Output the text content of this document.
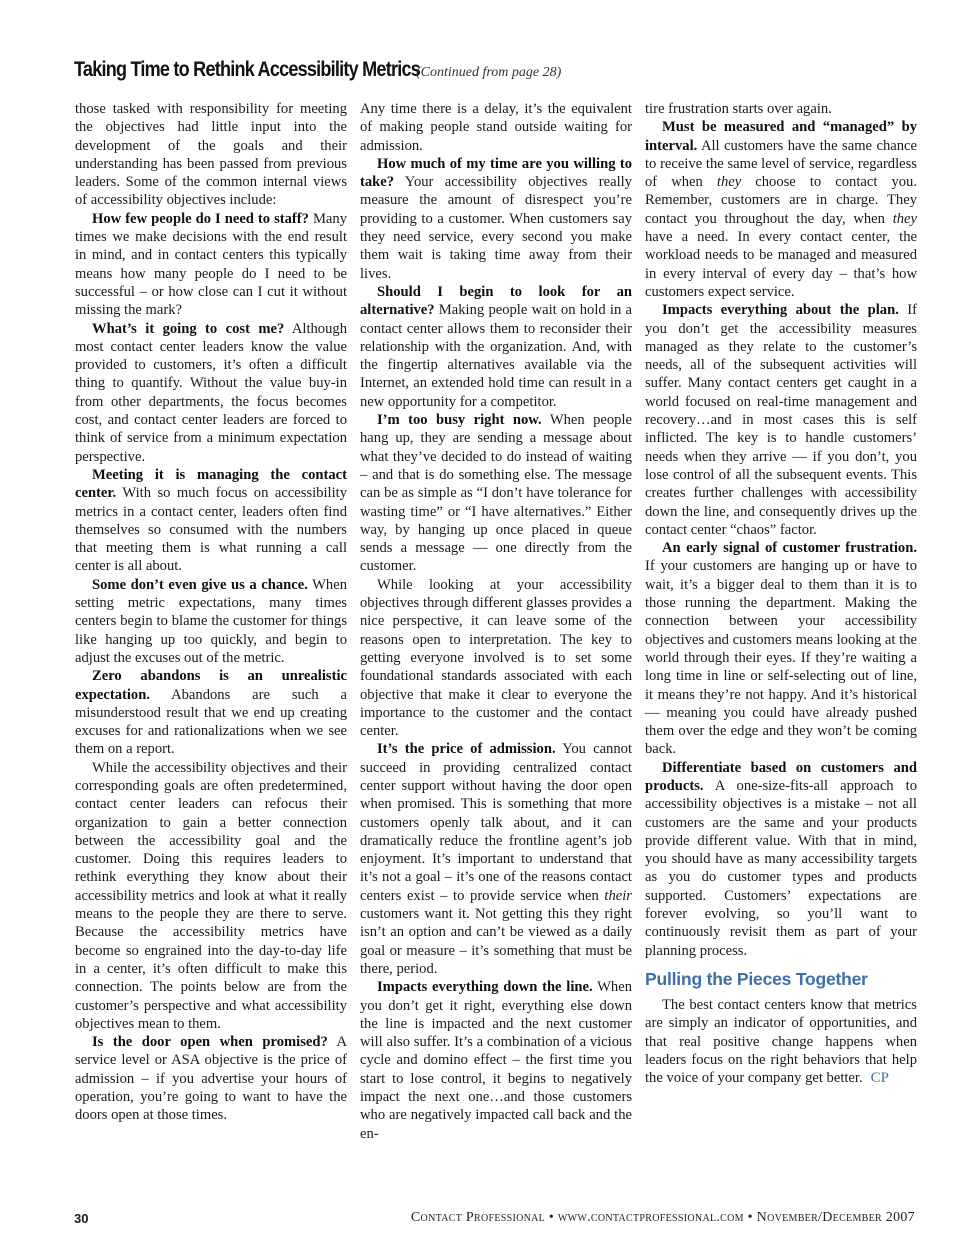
Taking Time to Rethink Accessibility Metrics
(Continued from page 28)

those tasked with responsibility for meeting the objectives had little input into the development of the goals and their understanding has been passed from previous leaders. Some of the common internal views of accessibility objectives include:

How few people do I need to staff? Many times we make decisions with the end result in mind, and in contact centers this typically means how many people do I need to be successful – or how close can I cut it without missing the mark?

What’s it going to cost me? Although most contact center leaders know the value provided to customers, it’s often a difficult thing to quantify. Without the value buy-in from other departments, the focus becomes cost, and contact center leaders are forced to think of service from a minimum expectation perspective.

Meeting it is managing the contact center. With so much focus on accessibility metrics in a contact center, leaders often find themselves so consumed with the numbers that meeting them is what running a call center is all about.

Some don’t even give us a chance. When setting metric expectations, many times centers begin to blame the customer for things like hanging up too quickly, and begin to adjust the excuses out of the metric.

Zero abandons is an unrealistic expectation. Abandons are such a misunderstood result that we end up creating excuses for and rationalizations when we see them on a report.

While the accessibility objectives and their corresponding goals are often predetermined, contact center leaders can refocus their organization to gain a better connection between the accessibility goal and the customer. Doing this requires leaders to rethink everything they know about their accessibility metrics and look at what it really means to the people they are there to serve. Because the accessibility metrics have become so engrained into the day-to-day life in a center, it’s often difficult to make this connection. The points below are from the customer’s perspective and what accessibility objectives mean to them.

Is the door open when promised? A service level or ASA objective is the price of admission – if you advertise your hours of operation, you’re going to want to have the doors open at those times.

Any time there is a delay, it’s the equivalent of making people stand outside waiting for admission.

How much of my time are you willing to take? Your accessibility objectives really measure the amount of disrespect you’re providing to a customer. When customers say they need service, every second you make them wait is taking time away from their lives.

Should I begin to look for an alternative? Making people wait on hold in a contact center allows them to reconsider their relationship with the organization. And, with the fingertip alternatives available via the Internet, an extended hold time can result in a new opportunity for a competitor.

I’m too busy right now. When people hang up, they are sending a message about what they’ve decided to do instead of waiting – and that is do something else. The message can be as simple as “I don’t have tolerance for wasting time” or “I have alternatives.” Either way, by hanging up once placed in queue sends a message — one directly from the customer.

While looking at your accessibility objectives through different glasses provides a nice perspective, it can leave some of the reasons open to interpretation. The key to getting everyone involved is to set some foundational standards associated with each objective that make it clear to everyone the importance to the customer and the contact center.

It’s the price of admission. You cannot succeed in providing centralized contact center support without having the door open when promised. This is something that more customers openly talk about, and it can dramatically reduce the frontline agent’s job enjoyment. It’s important to understand that it’s not a goal – it’s one of the reasons contact centers exist – to provide service when their customers want it. Not getting this they right isn’t an option and can’t be viewed as a daily goal or measure – it’s something that must be there, period.

Impacts everything down the line. When you don’t get it right, everything else down the line is impacted and the next customer will also suffer. It’s a combination of a vicious cycle and domino effect – the first time you start to lose control, it begins to negatively impact the next one…and those customers who are negatively impacted call back and the en-

tire frustration starts over again.

Must be measured and “managed” by interval. All customers have the same chance to receive the same level of service, regardless of when they choose to contact you. Remember, customers are in charge. They contact you throughout the day, when they have a need. In every contact center, the workload needs to be managed and measured in every interval of every day – that’s how customers expect service.

Impacts everything about the plan. If you don’t get the accessibility measures managed as they relate to the customer’s needs, all of the subsequent activities will suffer. Many contact centers get caught in a world focused on real-time management and recovery…and in most cases this is self inflicted. The key is to handle customers’ needs when they arrive — if you don’t, you lose control of all the subsequent events. This creates further challenges with accessibility down the line, and consequently drives up the contact center “chaos” factor.

An early signal of customer frustration. If your customers are hanging up or have to wait, it’s a bigger deal to them than it is to those running the department. Making the connection between your accessibility objectives and customers means looking at the world through their eyes. If they’re waiting a long time in line or self-selecting out of line, it means they’re not happy. And it’s historical — meaning you could have already pushed them over the edge and they won’t be coming back.

Differentiate based on customers and products. A one-size-fits-all approach to accessibility objectives is a mistake – not all customers are the same and your products provide different value. With that in mind, you should have as many accessibility targets as you do customer types and products supported. Customers’ expectations are forever evolving, so you’ll want to continuously revisit them as part of your planning process.

Pulling the Pieces Together

The best contact centers know that metrics are simply an indicator of opportunities, and that real positive change happens when leaders focus on the right behaviors that help the voice of your company get better. CP

30	Contact Professional • www.contactprofessional.com • November/December 2007
